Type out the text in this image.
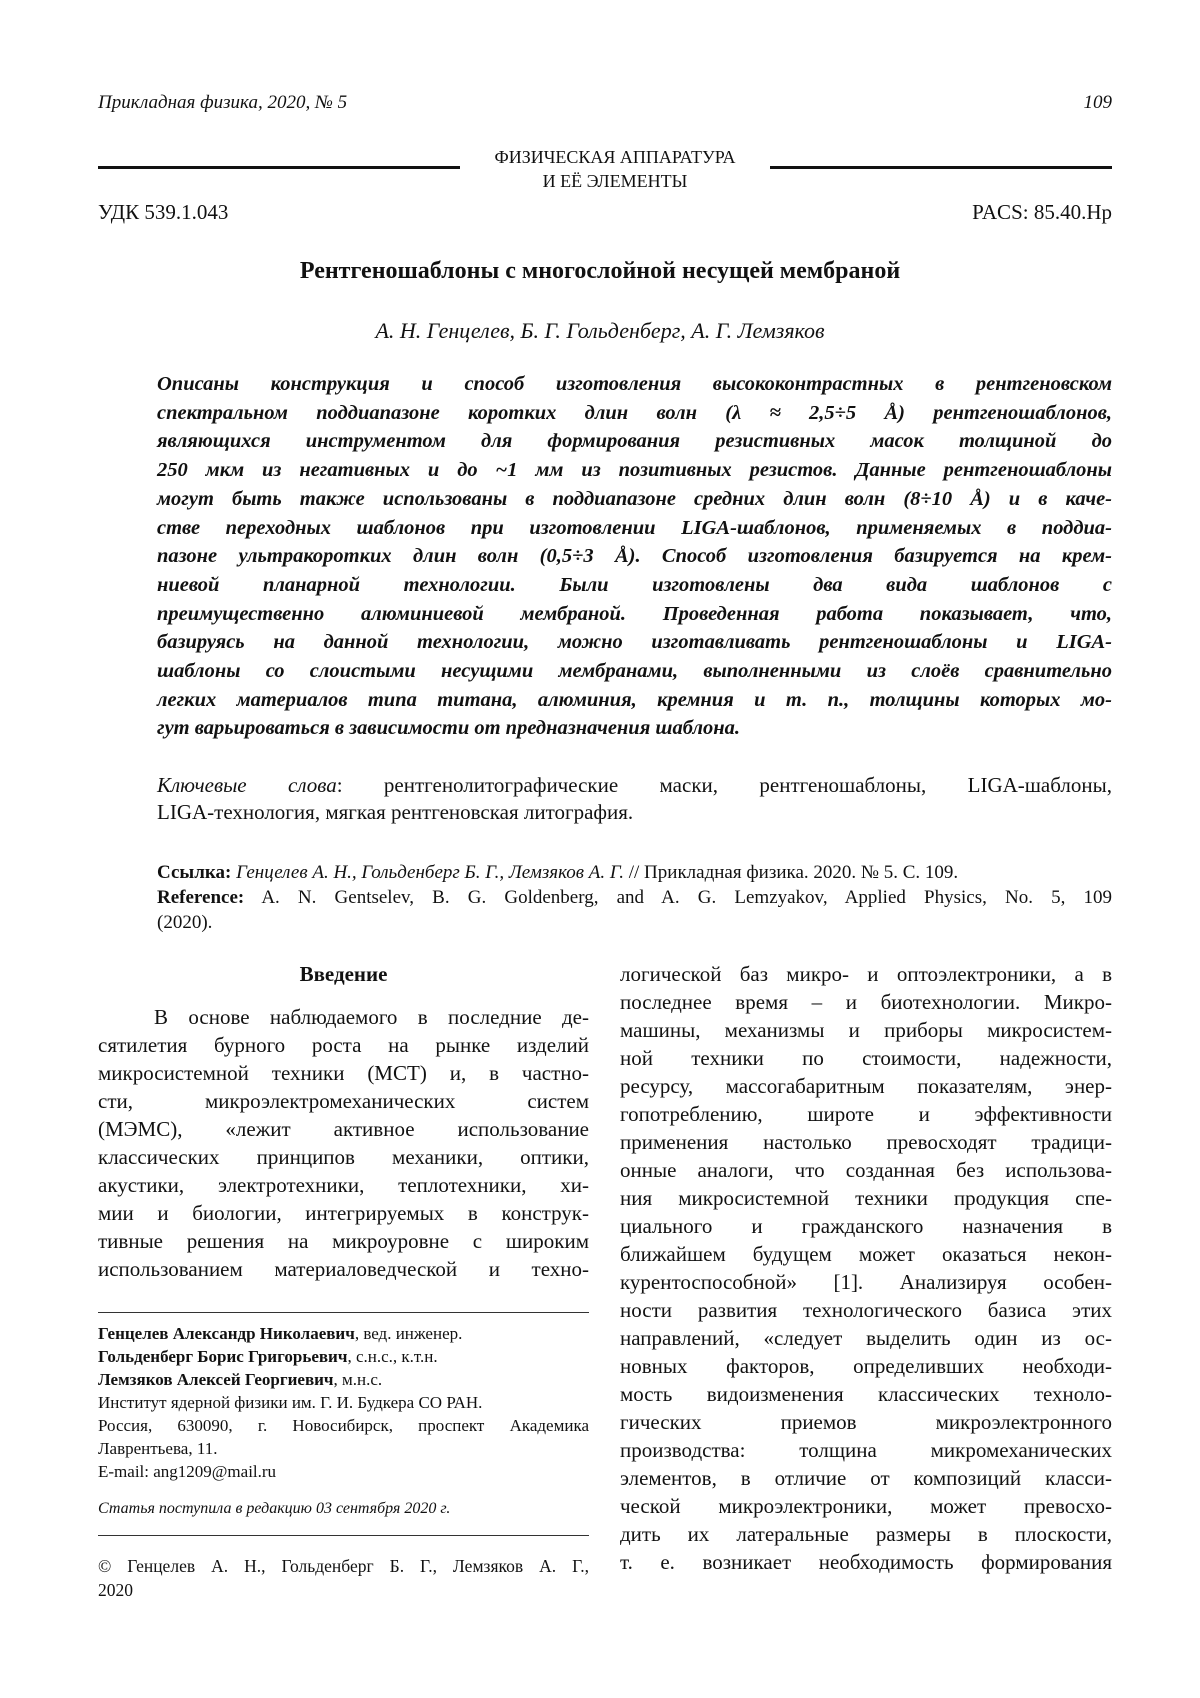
Прикладная физика, 2020, № 5	109
ФИЗИЧЕСКАЯ АППАРАТУРА
И ЕЁ ЭЛЕМЕНТЫ
УДК 539.1.043	PACS: 85.40.Hp
Рентгеношаблоны с многослойной несущей мембраной
А. Н. Генцелев, Б. Г. Гольденберг, А. Г. Лемзяков
Описаны конструкция и способ изготовления высококонтрастных в рентгеновском
спектральном поддиапазоне коротких длин волн (λ ≈ 2,5÷5 Å) рентгеношаблонов,
являющихся инструментом для формирования резистивных масок толщиной до
250 мкм из негативных и до ~1 мм из позитивных резистов. Данные рентгеношаблоны
могут быть также использованы в поддиапазоне средних длин волн (8÷10 Å) и в каче-
стве переходных шаблонов при изготовлении LIGA-шаблонов, применяемых в поддиа-
пазоне ультракоротких длин волн (0,5÷3 Å). Способ изготовления базируется на крем-
ниевой планарной технологии. Были изготовлены два вида шаблонов с
преимущественно алюминиевой мембраной. Проведенная работа показывает, что,
базируясь на данной технологии, можно изготавливать рентгеношаблоны и LIGA-
шаблоны со слоистыми несущими мембранами, выполненными из слоёв сравнительно
легких материалов типа титана, алюминия, кремния и т. п., толщины которых мо-
гут варьироваться в зависимости от предназначения шаблона.
Ключевые слова: рентгенолитографические маски, рентгеношаблоны, LIGA-шаблоны,
LIGA-технология, мягкая рентгеновская литография.
Ссылка: Генцелев А. Н., Гольденберг Б. Г., Лемзяков А. Г. // Прикладная физика. 2020. № 5. С. 109.
Reference: A. N. Gentselev, B. G. Goldenberg, and A. G. Lemzyakov, Applied Physics, No. 5, 109
(2020).
Введение
В основе наблюдаемого в последние де-
сятилетия бурного роста на рынке изделий
микросистемной техники (МСТ) и, в частно-
сти, микроэлектромеханических систем
(МЭМС), «лежит активное использование
классических принципов механики, оптики,
акустики, электротехники, теплотехники, хи-
мии и биологии, интегрируемых в конструк-
тивные решения на микроуровне с широким
использованием материаловедческой и техно-
Генцелев Александр Николаевич, вед. инженер.
Гольденберг Борис Григорьевич, с.н.с., к.т.н.
Лемзяков Алексей Георгиевич, м.н.с.
Институт ядерной физики им. Г. И. Будкера СО РАН.
Россия, 630090, г. Новосибирск, проспект Академика
Лаврентьева, 11.
E-mail: ang1209@mail.ru
Статья поступила в редакцию 03 сентября 2020 г.
© Генцелев А. Н., Гольденберг Б. Г., Лемзяков А. Г.,
2020
логической баз микро- и оптоэлектроники, а в
последнее время – и биотехнологии. Микро-
машины, механизмы и приборы микросистем-
ной техники по стоимости, надежности,
ресурсу, массогабаритным показателям, энер-
гопотреблению, широте и эффективности
применения настолько превосходят традици-
онные аналоги, что созданная без использова-
ния микросистемной техники продукция спе-
циального и гражданского назначения в
ближайшем будущем может оказаться некон-
курентоспособной» [1]. Анализируя особен-
ности развития технологического базиса этих
направлений, «следует выделить один из ос-
новных факторов, определивших необходи-
мость видоизменения классических техноло-
гических приемов микроэлектронного
производства: толщина микромеханических
элементов, в отличие от композиций класси-
ческой микроэлектроники, может превосхо-
дить их латеральные размеры в плоскости,
т. е. возникает необходимость формирования
